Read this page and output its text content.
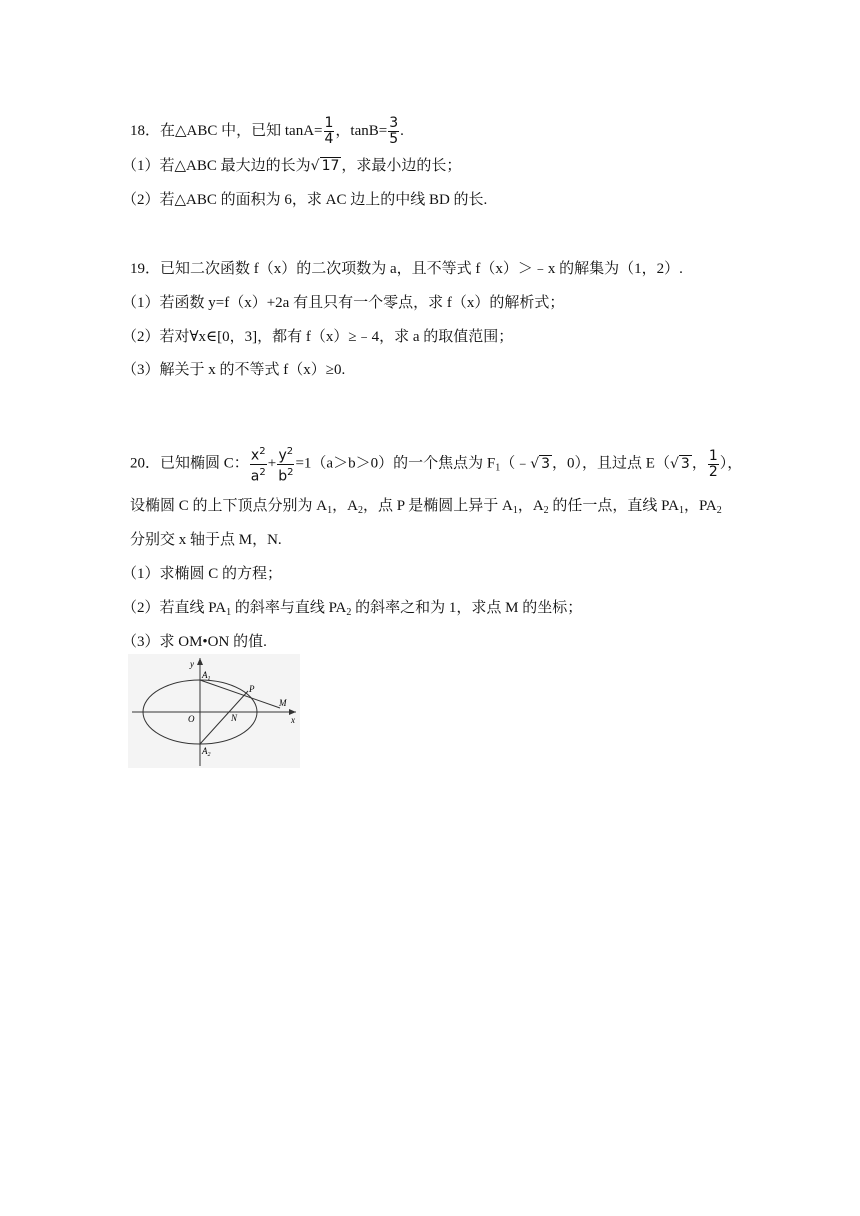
18．在△ABC 中，已知 $\tan A= \frac{1}{4}$ ，$\tan B= \frac{3}{5}$ .
（1）若△ABC 最大边的长为√ 17 ，求最小边的长；
（2）若△ABC 的面积为 6，求 AC 边上的中线 BD 的长.
19．已知二次函数 f（x）的二次项数为 a，且不等式 f（x）＞﹣x 的解集为（1，2）.
（1）若函数 y=f（x）+2a 有且只有一个零点，求 f（x）的解析式；
（2）若对∀x∈[0，3]，都有 f（x）≥﹣4，求 a 的取值范围；
（3）解关于 x 的不等式 f（x）≥0.
20．已知椭圆 C： $\frac{x^2}{a^2} + \frac{y^2}{b^2} =1(a>b>0)$的一个焦点为 $F_1(﹣√$ 3 ，0），且过点 E（√ 3 ， $\frac{1}{2}$ ），
设椭圆 C 的上下顶点分别为 $A_1$，$A_2$，点 P 是椭圆上异于 $A_1$，$A_2$ 的任一点，直线 $PA_1$，$PA_2$
分别交 x 轴于点 M，N.
（1）求椭圆 C 的方程；
（2）若直线 $PA_1$ 的斜率与直线 $PA_2$ 的斜率之和为 1，求点 M 的坐标；
（3）求 OM•ON 的值.
y
x
O
$A_1$
$A_2$
P
N
M
